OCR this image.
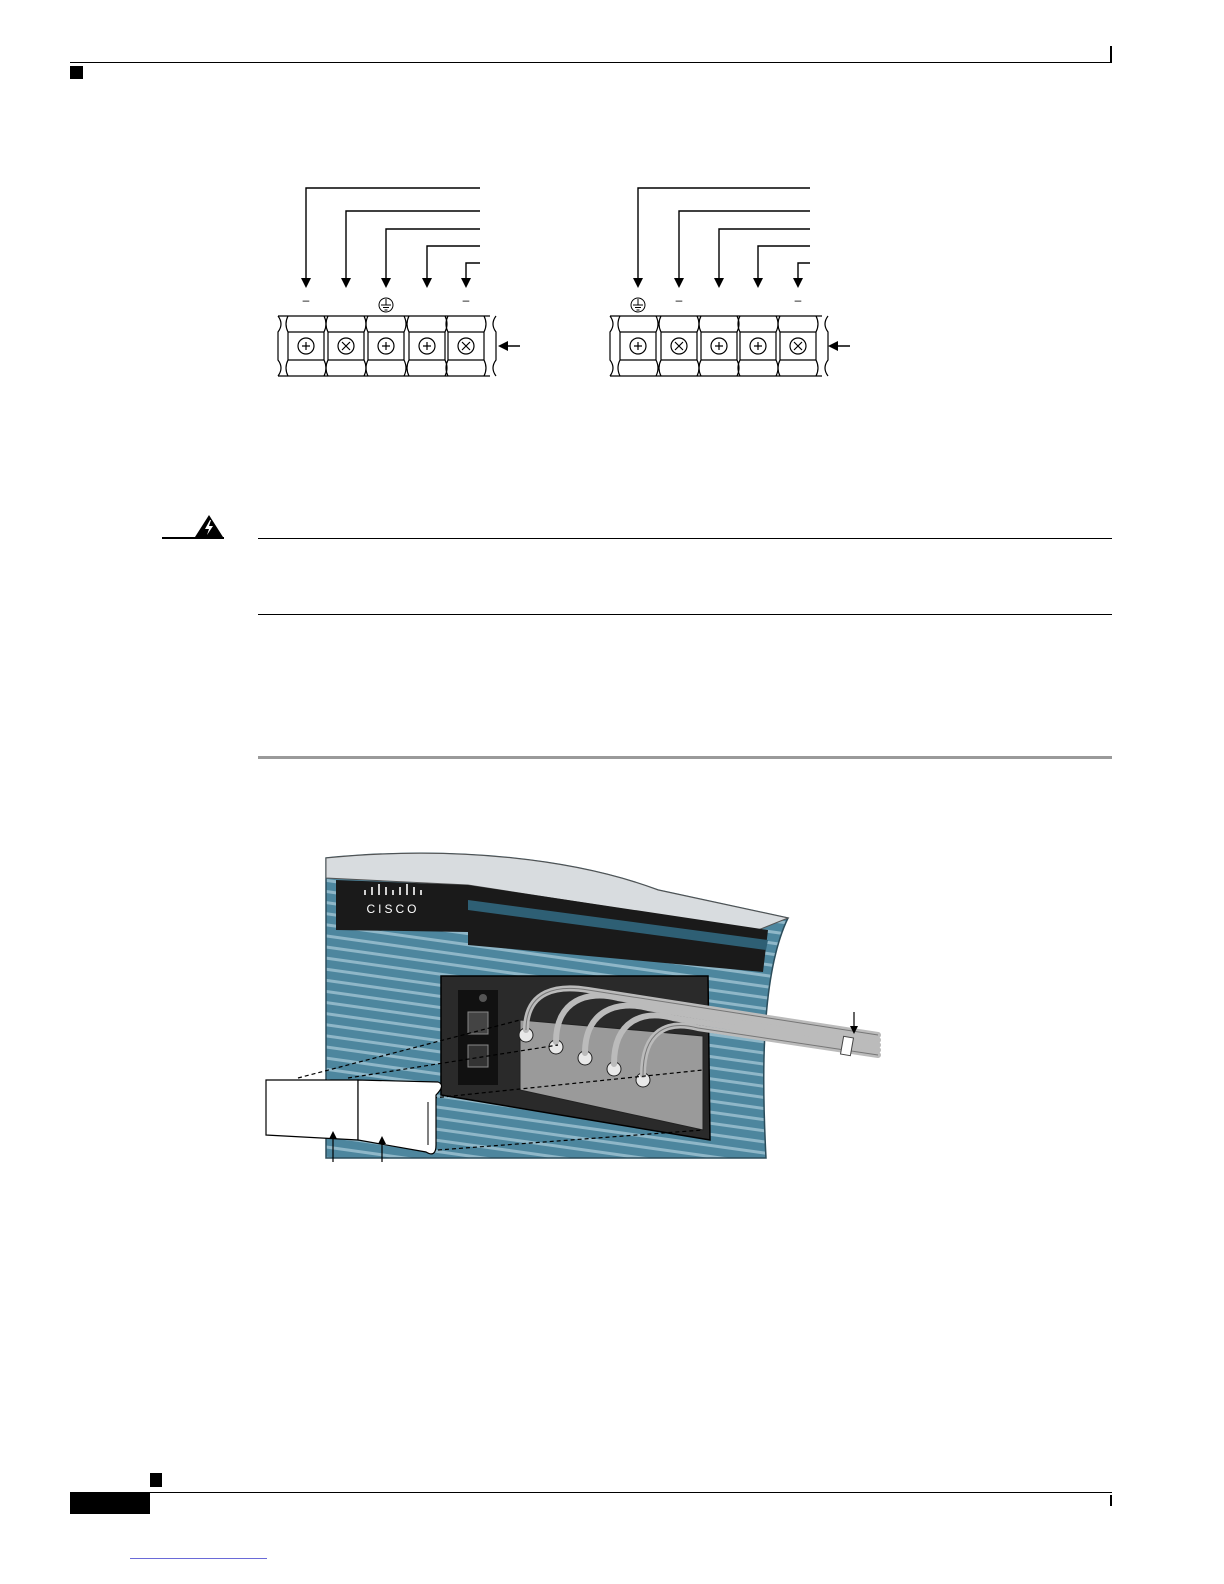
–	–	–	–
CISCO
